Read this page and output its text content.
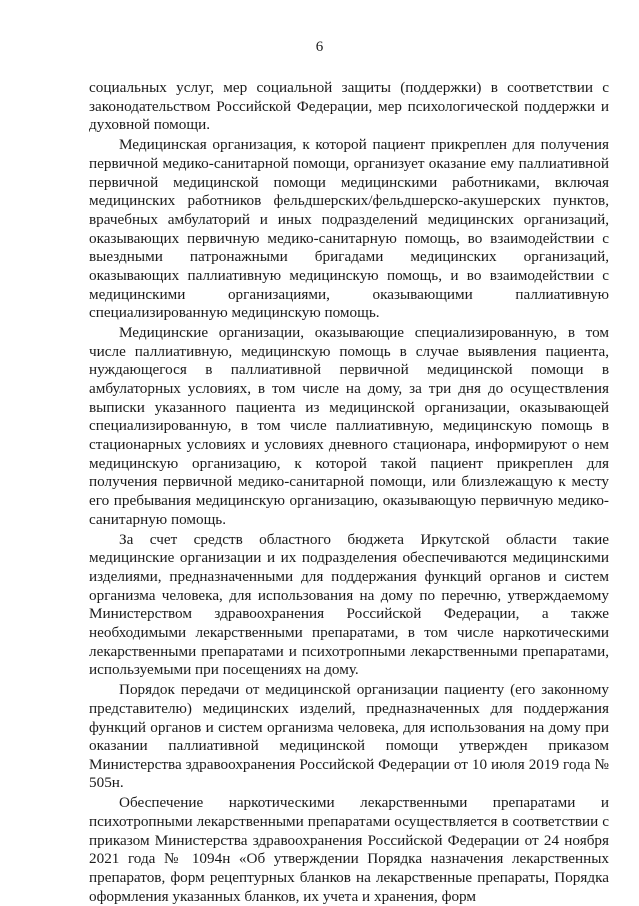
6

социальных услуг, мер социальной защиты (поддержки) в соответствии с законодательством Российской Федерации, мер психологической поддержки и духовной помощи.

Медицинская организация, к которой пациент прикреплен для получения первичной медико-санитарной помощи, организует оказание ему паллиативной первичной медицинской помощи медицинскими работниками, включая медицинских работников фельдшерских/фельдшерско-акушерских пунктов, врачебных амбулаторий и иных подразделений медицинских организаций, оказывающих первичную медико-санитарную помощь, во взаимодействии с выездными патронажными бригадами медицинских организаций, оказывающих паллиативную медицинскую помощь, и во взаимодействии с медицинскими организациями, оказывающими паллиативную специализированную медицинскую помощь.

Медицинские организации, оказывающие специализированную, в том числе паллиативную, медицинскую помощь в случае выявления пациента, нуждающегося в паллиативной первичной медицинской помощи в амбулаторных условиях, в том числе на дому, за три дня до осуществления выписки указанного пациента из медицинской организации, оказывающей специализированную, в том числе паллиативную, медицинскую помощь в стационарных условиях и условиях дневного стационара, информируют о нем медицинскую организацию, к которой такой пациент прикреплен для получения первичной медико-санитарной помощи, или близлежащую к месту его пребывания медицинскую организацию, оказывающую первичную медико-санитарную помощь.

За счет средств областного бюджета Иркутской области такие медицинские организации и их подразделения обеспечиваются медицинскими изделиями, предназначенными для поддержания функций органов и систем организма человека, для использования на дому по перечню, утверждаемому Министерством здравоохранения Российской Федерации, а также необходимыми лекарственными препаратами, в том числе наркотическими лекарственными препаратами и психотропными лекарственными препаратами, используемыми при посещениях на дому.

Порядок передачи от медицинской организации пациенту (его законному представителю) медицинских изделий, предназначенных для поддержания функций органов и систем организма человека, для использования на дому при оказании паллиативной медицинской помощи утвержден приказом Министерства здравоохранения Российской Федерации от 10 июля 2019 года № 505н.

Обеспечение наркотическими лекарственными препаратами и психотропными лекарственными препаратами осуществляется в соответствии с приказом Министерства здравоохранения Российской Федерации от 24 ноября 2021 года № 1094н «Об утверждении Порядка назначения лекарственных препаратов, форм рецептурных бланков на лекарственные препараты, Порядка оформления указанных бланков, их учета и хранения, форм
